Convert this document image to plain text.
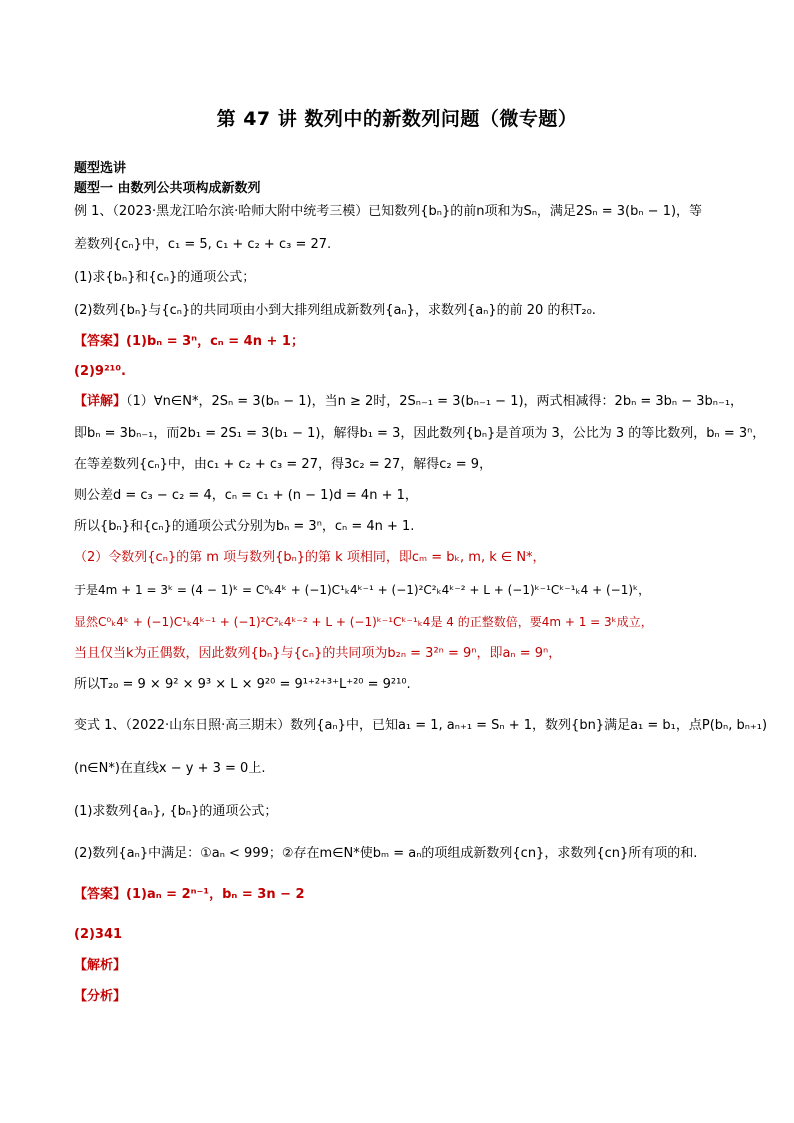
第 47 讲 数列中的新数列问题（微专题）
题型选讲
题型一 由数列公共项构成新数列
例 1、（2023·黑龙江哈尔滨·哈师大附中统考三模）已知数列{bₙ}的前n项和为Sₙ，满足2Sₙ = 3(bₙ − 1)，等
差数列{cₙ}中，c₁ = 5, c₁ + c₂ + c₃ = 27.
(1)求{bₙ}和{cₙ}的通项公式；
(2)数列{bₙ}与{cₙ}的共同项由小到大排列组成新数列{aₙ}，求数列{aₙ}的前 20 的积T₂₀.
【答案】(1)bₙ = 3ⁿ，cₙ = 4n + 1；
(2)9²¹⁰.
【详解】（1）∀n∈N*，2Sₙ = 3(bₙ − 1)，当n ≥ 2时，2Sₙ₋₁ = 3(bₙ₋₁ − 1)，两式相减得：2bₙ = 3bₙ − 3bₙ₋₁，
即bₙ = 3bₙ₋₁，而2b₁ = 2S₁ = 3(b₁ − 1)，解得b₁ = 3，因此数列{bₙ}是首项为 3，公比为 3 的等比数列，bₙ = 3ⁿ，
在等差数列{cₙ}中，由c₁ + c₂ + c₃ = 27，得3c₂ = 27，解得c₂ = 9，
则公差d = c₃ − c₂ = 4，cₙ = c₁ + (n − 1)d = 4n + 1，
所以{bₙ}和{cₙ}的通项公式分别为bₙ = 3ⁿ，cₙ = 4n + 1.
（2）令数列{cₙ}的第 m 项与数列{bₙ}的第 k 项相同，即cₘ = bₖ, m, k ∈ N*，
于是4m + 1 = 3ᵏ = (4 − 1)ᵏ = C⁰ₖ4ᵏ + (−1)C¹ₖ4ᵏ⁻¹ + (−1)²C²ₖ4ᵏ⁻² + L + (−1)ᵏ⁻¹Cᵏ⁻¹ₖ4 + (−1)ᵏ，
显然C⁰ₖ4ᵏ + (−1)C¹ₖ4ᵏ⁻¹ + (−1)²C²ₖ4ᵏ⁻² + L + (−1)ᵏ⁻¹Cᵏ⁻¹ₖ4是 4 的正整数倍，要4m + 1 = 3ᵏ成立，
当且仅当k为正偶数，因此数列{bₙ}与{cₙ}的共同项为b₂ₙ = 3²ⁿ = 9ⁿ，即aₙ = 9ⁿ，
所以T₂₀ = 9 × 9² × 9³ × L × 9²⁰ = 9¹⁺²⁺³⁺L⁺²⁰ = 9²¹⁰.
变式 1、（2022·山东日照·高三期末）数列{aₙ}中，已知a₁ = 1, aₙ₊₁ = Sₙ + 1，数列{bn}满足a₁ = b₁，点P(bₙ, bₙ₊₁)
(n∈N*)在直线x − y + 3 = 0上.
(1)求数列{aₙ}, {bₙ}的通项公式；
(2)数列{aₙ}中满足：①aₙ < 999；②存在m∈N*使bₘ = aₙ的项组成新数列{cn}，求数列{cn}所有项的和.
【答案】(1)aₙ = 2ⁿ⁻¹，bₙ = 3n − 2
(2)341
【解析】
【分析】
